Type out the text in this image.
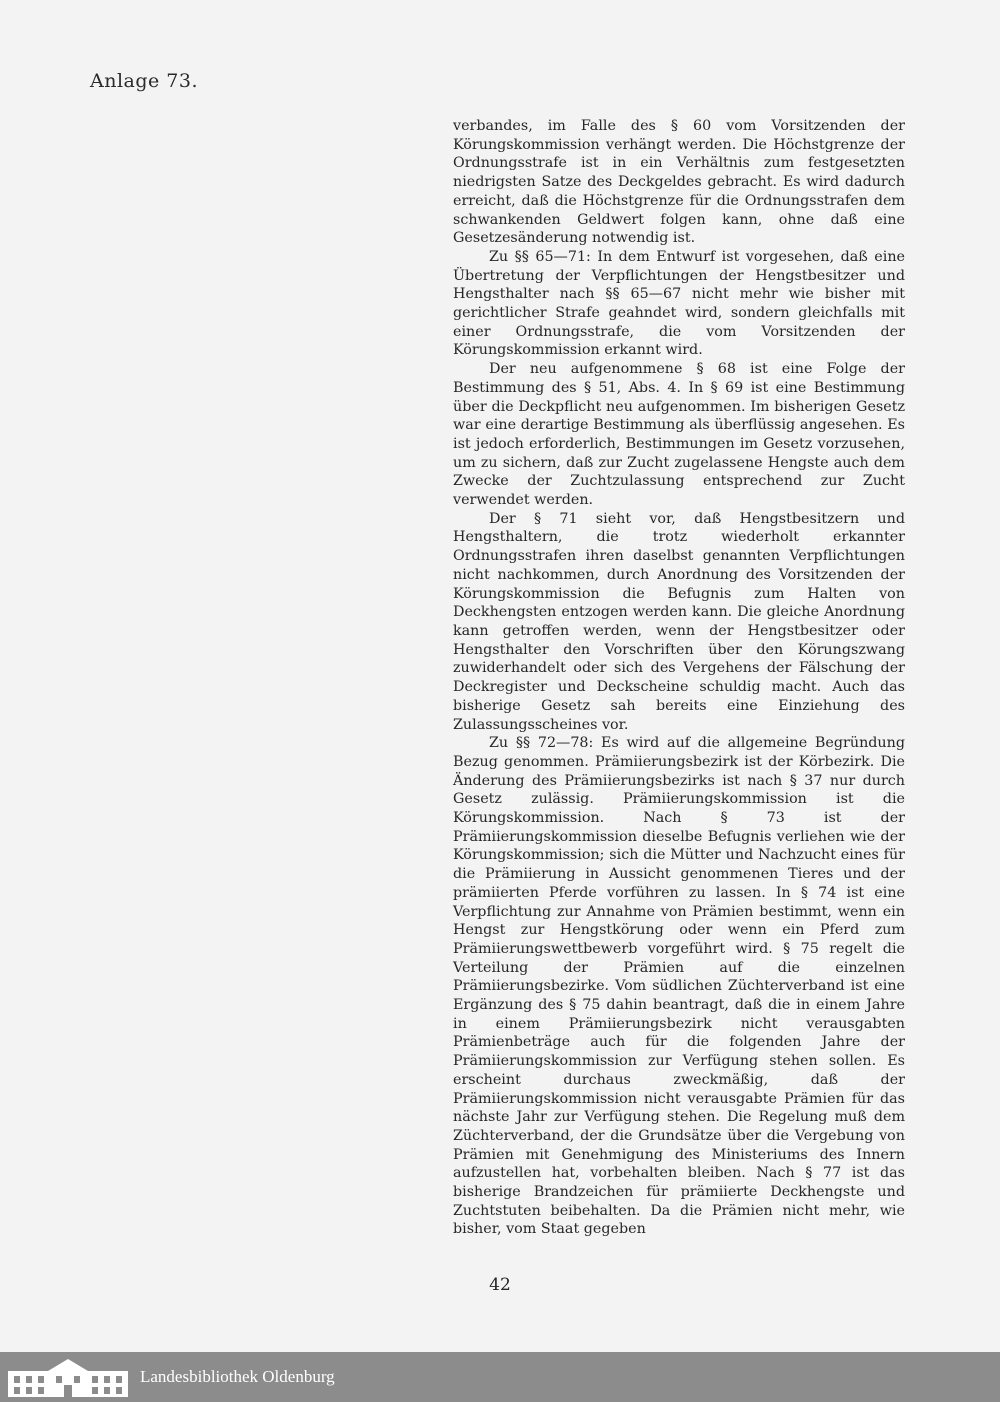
Anlage 73.

verbandes, im Falle des § 60 vom Vorsitzenden der Körungskommission verhängt werden. Die Höchstgrenze der Ordnungsstrafe ist in ein Verhältnis zum festgesetzten niedrigsten Satze des Deckgeldes gebracht. Es wird dadurch erreicht, daß die Höchstgrenze für die Ordnungsstrafen dem schwankenden Geldwert folgen kann, ohne daß eine Gesetzesänderung notwendig ist.

Zu §§ 65—71: In dem Entwurf ist vorgesehen, daß eine Übertretung der Verpflichtungen der Hengstbesitzer und Hengsthalter nach §§ 65—67 nicht mehr wie bisher mit gerichtlicher Strafe geahndet wird, sondern gleichfalls mit einer Ordnungsstrafe, die vom Vorsitzenden der Körungskommission erkannt wird.

Der neu aufgenommene § 68 ist eine Folge der Bestimmung des § 51, Abs. 4. In § 69 ist eine Bestimmung über die Deckpflicht neu aufgenommen. Im bisherigen Gesetz war eine derartige Bestimmung als überflüssig angesehen. Es ist jedoch erforderlich, Bestimmungen im Gesetz vorzusehen, um zu sichern, daß zur Zucht zugelassene Hengste auch dem Zwecke der Zuchtzulassung entsprechend zur Zucht verwendet werden.

Der § 71 sieht vor, daß Hengstbesitzern und Hengsthaltern, die trotz wiederholt erkannter Ordnungsstrafen ihren daselbst genannten Verpflichtungen nicht nachkommen, durch Anordnung des Vorsitzenden der Körungskommission die Befugnis zum Halten von Deckhengsten entzogen werden kann. Die gleiche Anordnung kann getroffen werden, wenn der Hengstbesitzer oder Hengsthalter den Vorschriften über den Körungszwang zuwiderhandelt oder sich des Vergehens der Fälschung der Deckregister und Deckscheine schuldig macht. Auch das bisherige Gesetz sah bereits eine Einziehung des Zulassungsscheines vor.

Zu §§ 72—78: Es wird auf die allgemeine Begründung Bezug genommen. Prämiierungsbezirk ist der Körbezirk. Die Änderung des Prämiierungsbezirks ist nach § 37 nur durch Gesetz zulässig. Prämiierungskommission ist die Körungskommission. Nach § 73 ist der Prämiierungskommission dieselbe Befugnis verliehen wie der Körungskommission; sich die Mütter und Nachzucht eines für die Prämiierung in Aussicht genommenen Tieres und der prämiierten Pferde vorführen zu lassen. In § 74 ist eine Verpflichtung zur Annahme von Prämien bestimmt, wenn ein Hengst zur Hengstkörung oder wenn ein Pferd zum Prämiierungswettbewerb vorgeführt wird. § 75 regelt die Verteilung der Prämien auf die einzelnen Prämiierungsbezirke. Vom südlichen Züchterverband ist eine Ergänzung des § 75 dahin beantragt, daß die in einem Jahre in einem Prämiierungsbezirk nicht verausgabten Prämienbeträge auch für die folgenden Jahre der Prämiierungskommission zur Verfügung stehen sollen. Es erscheint durchaus zweckmäßig, daß der Prämiierungskommission nicht verausgabte Prämien für das nächste Jahr zur Verfügung stehen. Die Regelung muß dem Züchterverband, der die Grundsätze über die Vergebung von Prämien mit Genehmigung des Ministeriums des Innern aufzustellen hat, vorbehalten bleiben. Nach § 77 ist das bisherige Brandzeichen für prämiierte Deckhengste und Zuchtstuten beibehalten. Da die Prämien nicht mehr, wie bisher, vom Staat gegeben

42
Landesbibliothek Oldenburg
